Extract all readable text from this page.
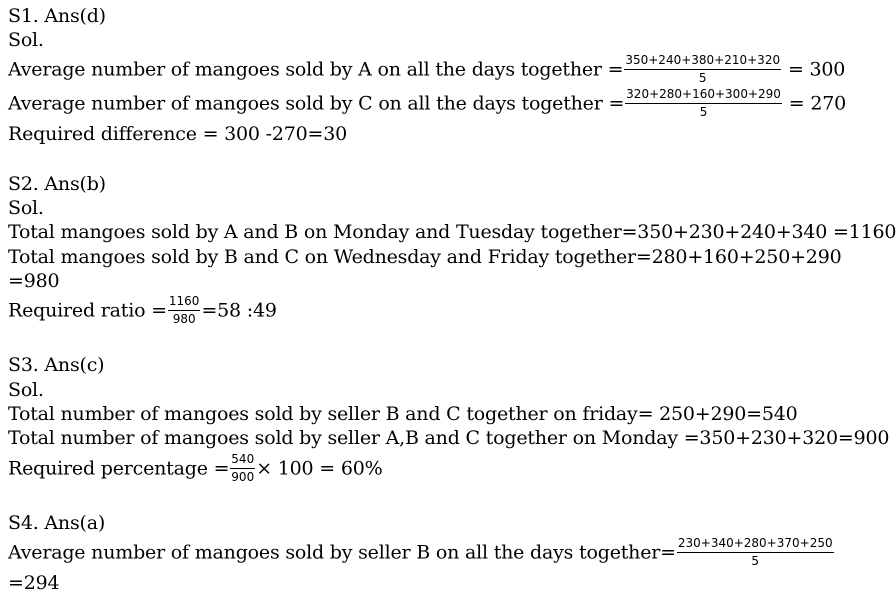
S1. Ans(d)
Sol.
Average number of mangoes sold by A on all the days together = $\frac{350+240+380+210+320}{5} = 300$
Average number of mangoes sold by C on all the days together = $\frac{320+280+160+300+290}{5} = 270$
Required difference = 300 -270=30
S2. Ans(b)
Sol.
Total mangoes sold by A and B on Monday and Tuesday together=350+230+240+340 =1160
Total mangoes sold by B and C on Wednesday and Friday together=280+160+250+290
=980
Required ratio = $\frac{1160}{980} =58$ :49
S3. Ans(c)
Sol.
Total number of mangoes sold by seller B and C together on friday= 250+290=540
Total number of mangoes sold by seller A,B and C together on Monday =350+230+320=900
Required percentage = $\frac{540}{900} \times 100 = 60\%$
S4. Ans(a)
Average number of mangoes sold by seller B on all the days together= $\frac{230+340+280+370+250}{5}$
=294
